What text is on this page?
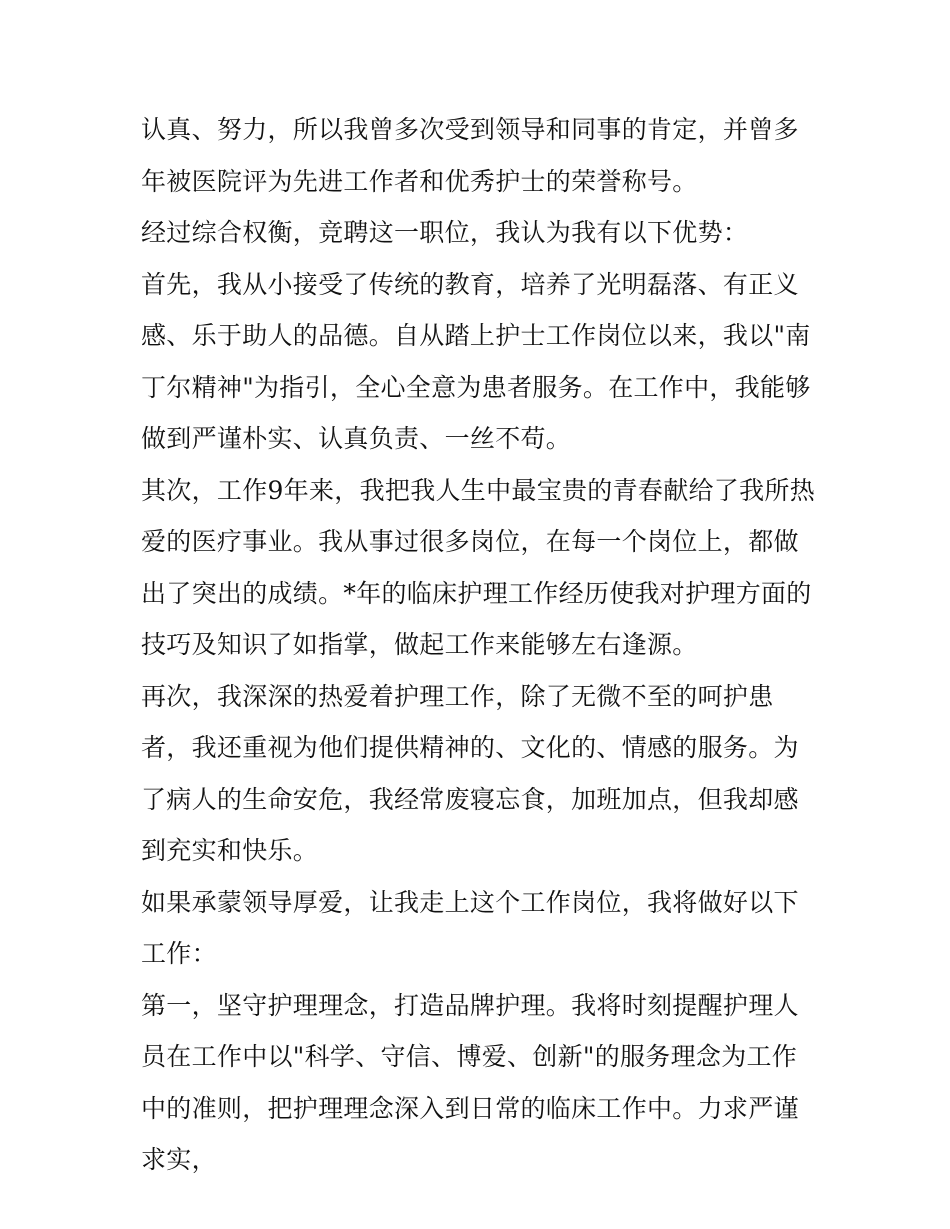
认真、努力，所以我曾多次受到领导和同事的肯定，并曾多年被医院评为先进工作者和优秀护士的荣誉称号。

经过综合权衡，竞聘这一职位，我认为我有以下优势：

首先，我从小接受了传统的教育，培养了光明磊落、有正义感、乐于助人的品德。自从踏上护士工作岗位以来，我以"南丁尔精神"为指引，全心全意为患者服务。在工作中，我能够做到严谨朴实、认真负责、一丝不苟。

其次，工作9年来，我把我人生中最宝贵的青春献给了我所热爱的医疗事业。我从事过很多岗位，在每一个岗位上，都做出了突出的成绩。*年的临床护理工作经历使我对护理方面的技巧及知识了如指掌，做起工作来能够左右逢源。

再次，我深深的热爱着护理工作，除了无微不至的呵护患者，我还重视为他们提供精神的、文化的、情感的服务。为了病人的生命安危，我经常废寝忘食，加班加点，但我却感到充实和快乐。

如果承蒙领导厚爱，让我走上这个工作岗位，我将做好以下工作：

第一，坚守护理理念，打造品牌护理。我将时刻提醒护理人员在工作中以"科学、守信、博爱、创新"的服务理念为工作中的准则，把护理理念深入到日常的临床工作中。力求严谨求实，
